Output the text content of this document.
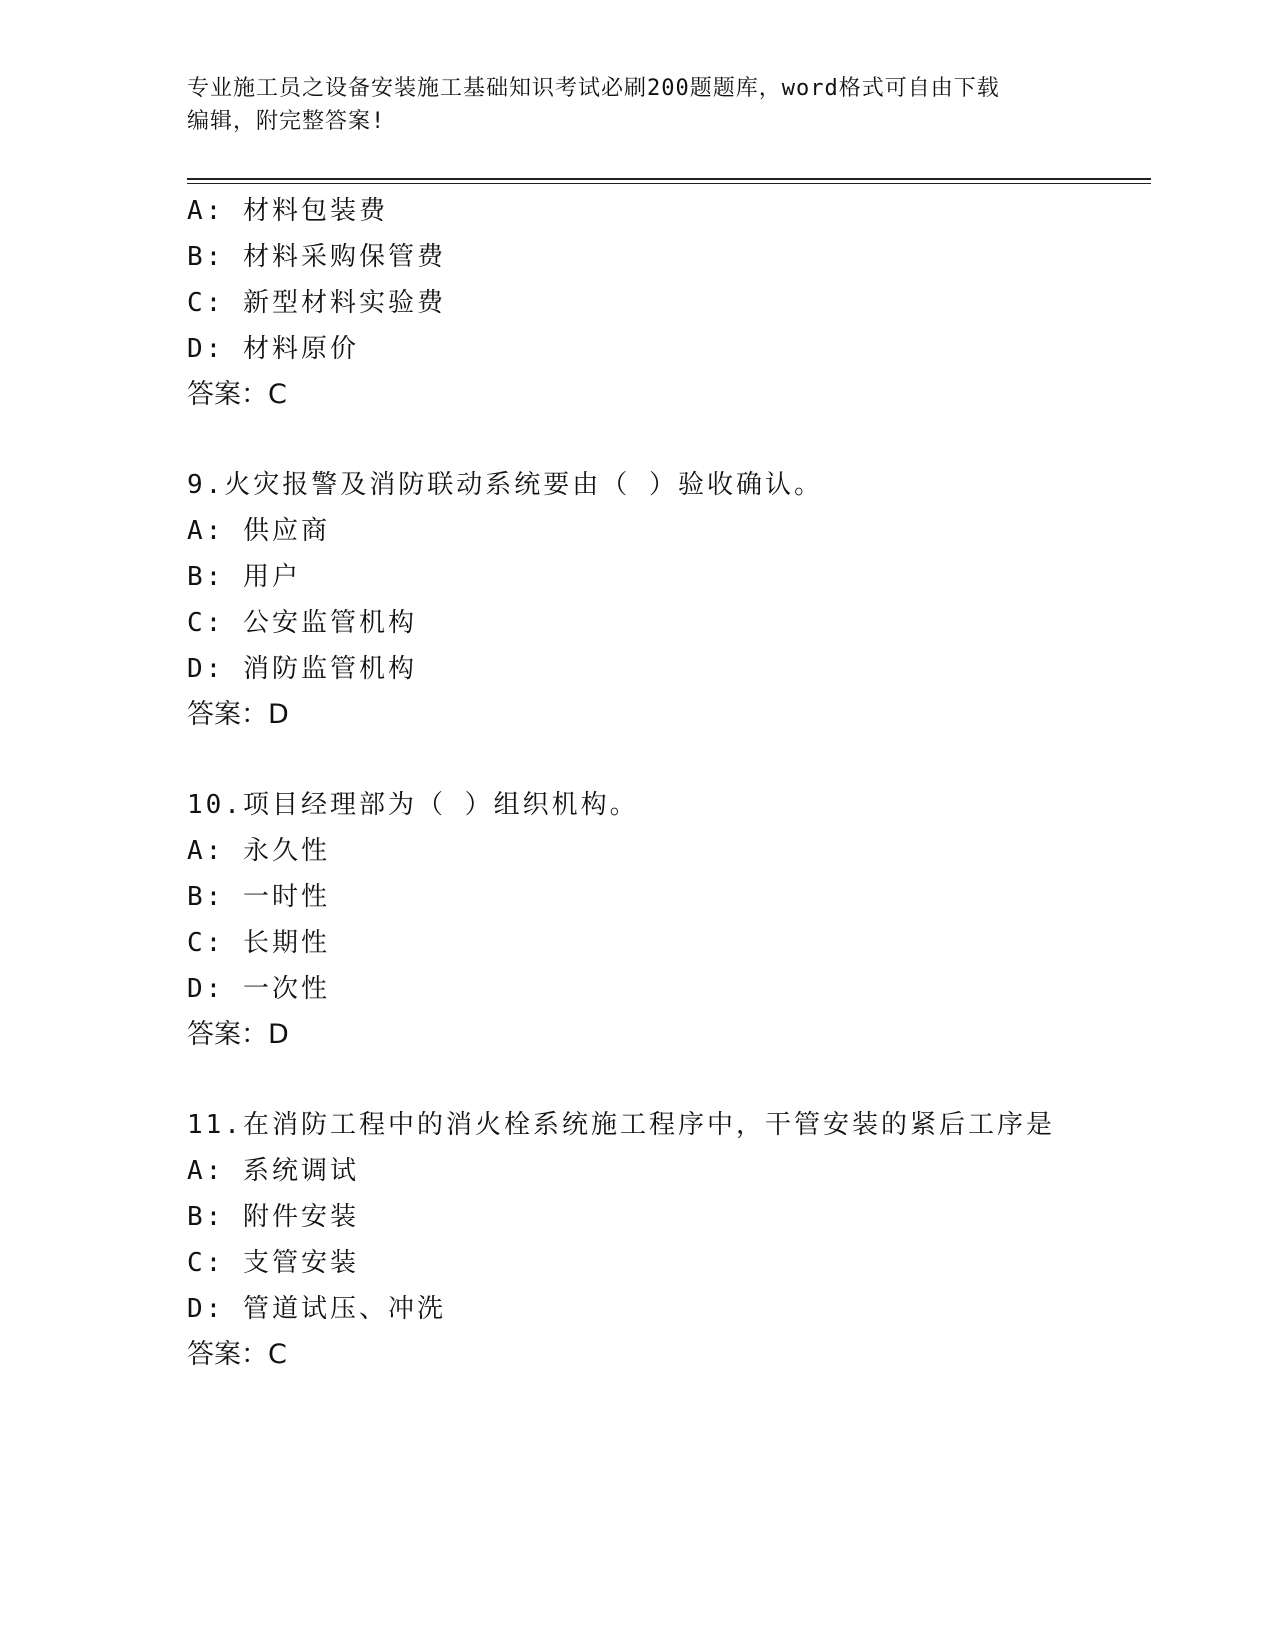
专业施工员之设备安装施工基础知识考试必刷200题题库，word格式可自由下载
编辑，附完整答案!
A: 材料包装费
B: 材料采购保管费
C: 新型材料实验费
D: 材料原价
答案：C
9.火灾报警及消防联动系统要由（ ）验收确认。
A: 供应商
B: 用户
C: 公安监管机构
D: 消防监管机构
答案：D
10.项目经理部为（ ）组织机构。
A: 永久性
B: 一时性
C: 长期性
D: 一次性
答案：D
11.在消防工程中的消火栓系统施工程序中，干管安装的紧后工序是
A: 系统调试
B: 附件安装
C: 支管安装
D: 管道试压、冲洗
答案：C
